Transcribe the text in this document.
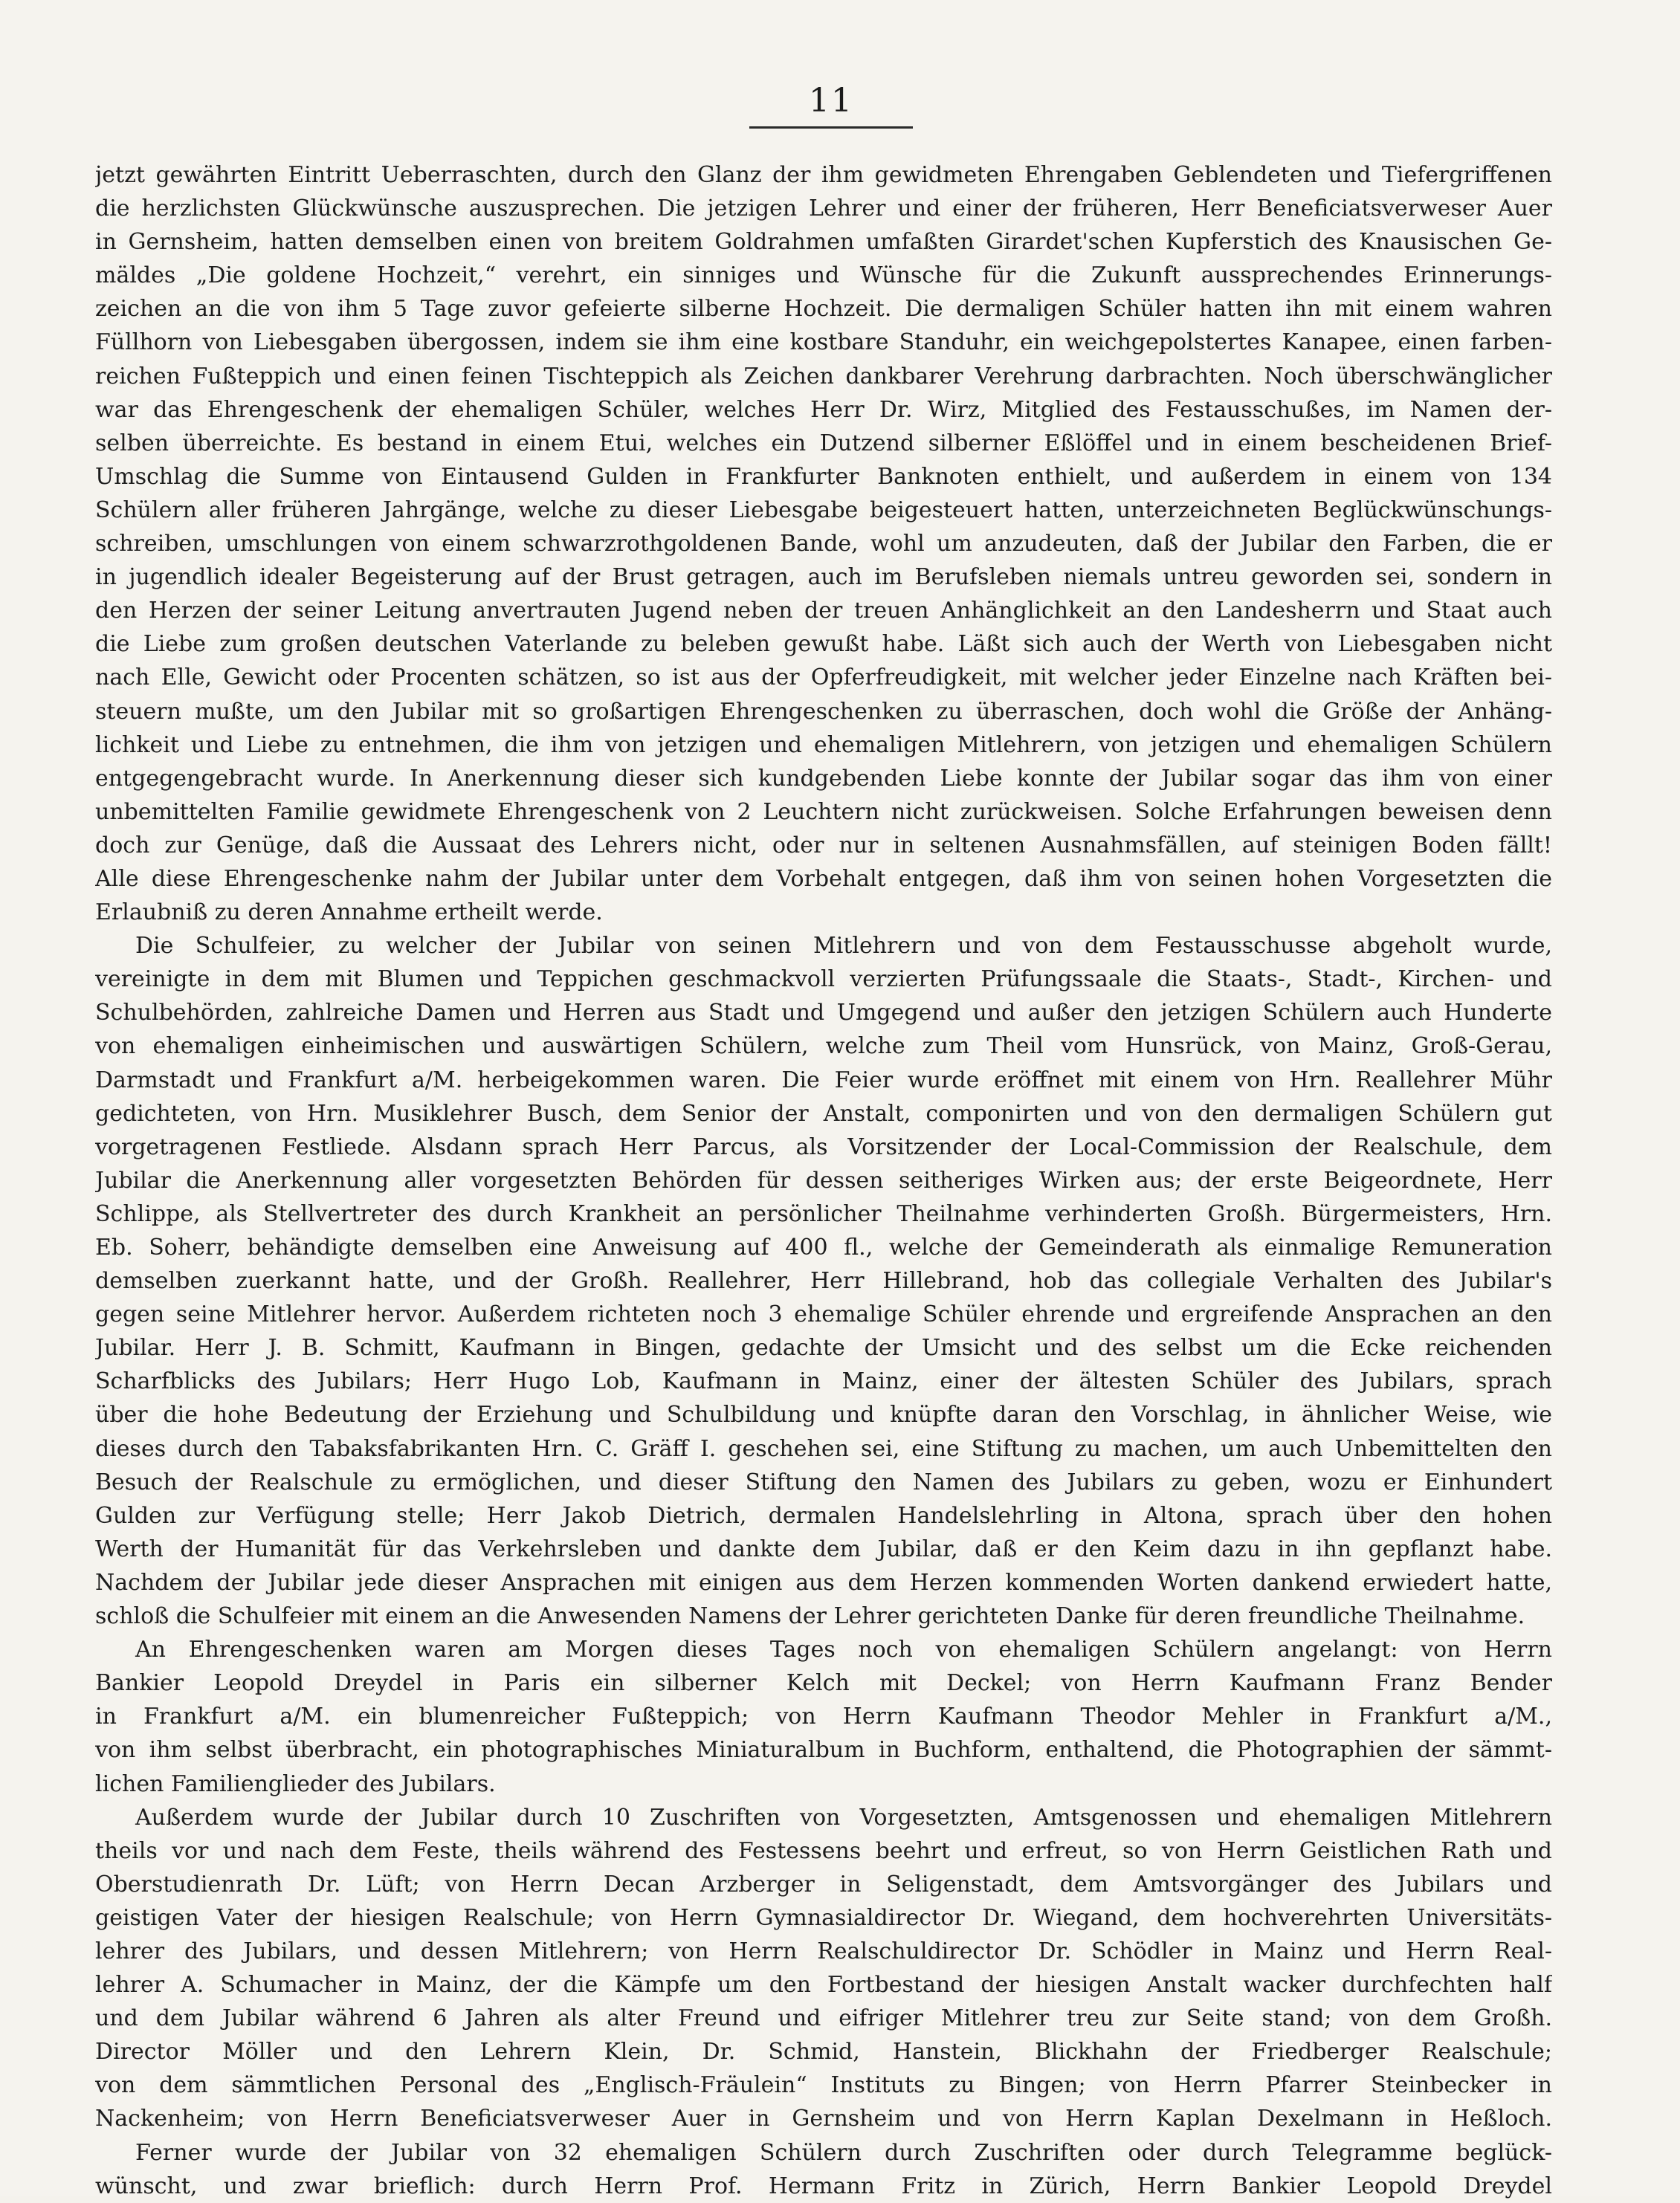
11
jetzt gewährten Eintritt Ueberraschten, durch den Glanz der ihm gewidmeten Ehrengaben Geblendeten und Tiefergriffenen
die herzlichsten Glückwünsche auszusprechen. Die jetzigen Lehrer und einer der früheren, Herr Beneficiatsverweser Auer
in Gernsheim, hatten demselben einen von breitem Goldrahmen umfaßten Girardet'schen Kupferstich des Knausischen Ge-
mäldes „Die goldene Hochzeit,“ verehrt, ein sinniges und Wünsche für die Zukunft aussprechendes Erinnerungs-
zeichen an die von ihm 5 Tage zuvor gefeierte silberne Hochzeit. Die dermaligen Schüler hatten ihn mit einem wahren
Füllhorn von Liebesgaben übergossen, indem sie ihm eine kostbare Standuhr, ein weichgepolstertes Kanapee, einen farben-
reichen Fußteppich und einen feinen Tischteppich als Zeichen dankbarer Verehrung darbrachten. Noch überschwänglicher
war das Ehrengeschenk der ehemaligen Schüler, welches Herr Dr. Wirz, Mitglied des Festausschußes, im Namen der-
selben überreichte. Es bestand in einem Etui, welches ein Dutzend silberner Eßlöffel und in einem bescheidenen Brief-
Umschlag die Summe von Eintausend Gulden in Frankfurter Banknoten enthielt, und außerdem in einem von 134
Schülern aller früheren Jahrgänge, welche zu dieser Liebesgabe beigesteuert hatten, unterzeichneten Beglückwünschungs-
schreiben, umschlungen von einem schwarzrothgoldenen Bande, wohl um anzudeuten, daß der Jubilar den Farben, die er
in jugendlich idealer Begeisterung auf der Brust getragen, auch im Berufsleben niemals untreu geworden sei, sondern in
den Herzen der seiner Leitung anvertrauten Jugend neben der treuen Anhänglichkeit an den Landesherrn und Staat auch
die Liebe zum großen deutschen Vaterlande zu beleben gewußt habe. Läßt sich auch der Werth von Liebesgaben nicht
nach Elle, Gewicht oder Procenten schätzen, so ist aus der Opferfreudigkeit, mit welcher jeder Einzelne nach Kräften bei-
steuern mußte, um den Jubilar mit so großartigen Ehrengeschenken zu überraschen, doch wohl die Größe der Anhäng-
lichkeit und Liebe zu entnehmen, die ihm von jetzigen und ehemaligen Mitlehrern, von jetzigen und ehemaligen Schülern
entgegengebracht wurde. In Anerkennung dieser sich kundgebenden Liebe konnte der Jubilar sogar das ihm von einer
unbemittelten Familie gewidmete Ehrengeschenk von 2 Leuchtern nicht zurückweisen. Solche Erfahrungen beweisen denn
doch zur Genüge, daß die Aussaat des Lehrers nicht, oder nur in seltenen Ausnahmsfällen, auf steinigen Boden fällt!
Alle diese Ehrengeschenke nahm der Jubilar unter dem Vorbehalt entgegen, daß ihm von seinen hohen Vorgesetzten die
Erlaubniß zu deren Annahme ertheilt werde.
Die Schulfeier, zu welcher der Jubilar von seinen Mitlehrern und von dem Festausschusse abgeholt wurde,
vereinigte in dem mit Blumen und Teppichen geschmackvoll verzierten Prüfungssaale die Staats-, Stadt-, Kirchen- und
Schulbehörden, zahlreiche Damen und Herren aus Stadt und Umgegend und außer den jetzigen Schülern auch Hunderte
von ehemaligen einheimischen und auswärtigen Schülern, welche zum Theil vom Hunsrück, von Mainz, Groß-Gerau,
Darmstadt und Frankfurt a/M. herbeigekommen waren. Die Feier wurde eröffnet mit einem von Hrn. Reallehrer Mühr
gedichteten, von Hrn. Musiklehrer Busch, dem Senior der Anstalt, componirten und von den dermaligen Schülern gut
vorgetragenen Festliede. Alsdann sprach Herr Parcus, als Vorsitzender der Local-Commission der Realschule, dem
Jubilar die Anerkennung aller vorgesetzten Behörden für dessen seitheriges Wirken aus; der erste Beigeordnete, Herr
Schlippe, als Stellvertreter des durch Krankheit an persönlicher Theilnahme verhinderten Großh. Bürgermeisters, Hrn.
Eb. Soherr, behändigte demselben eine Anweisung auf 400 fl., welche der Gemeinderath als einmalige Remuneration
demselben zuerkannt hatte, und der Großh. Reallehrer, Herr Hillebrand, hob das collegiale Verhalten des Jubilar's
gegen seine Mitlehrer hervor. Außerdem richteten noch 3 ehemalige Schüler ehrende und ergreifende Ansprachen an den
Jubilar. Herr J. B. Schmitt, Kaufmann in Bingen, gedachte der Umsicht und des selbst um die Ecke reichenden
Scharfblicks des Jubilars; Herr Hugo Lob, Kaufmann in Mainz, einer der ältesten Schüler des Jubilars, sprach
über die hohe Bedeutung der Erziehung und Schulbildung und knüpfte daran den Vorschlag, in ähnlicher Weise, wie
dieses durch den Tabaksfabrikanten Hrn. C. Gräff I. geschehen sei, eine Stiftung zu machen, um auch Unbemittelten den
Besuch der Realschule zu ermöglichen, und dieser Stiftung den Namen des Jubilars zu geben, wozu er Einhundert
Gulden zur Verfügung stelle; Herr Jakob Dietrich, dermalen Handelslehrling in Altona, sprach über den hohen
Werth der Humanität für das Verkehrsleben und dankte dem Jubilar, daß er den Keim dazu in ihn gepflanzt habe.
Nachdem der Jubilar jede dieser Ansprachen mit einigen aus dem Herzen kommenden Worten dankend erwiedert hatte,
schloß die Schulfeier mit einem an die Anwesenden Namens der Lehrer gerichteten Danke für deren freundliche Theilnahme.
An Ehrengeschenken waren am Morgen dieses Tages noch von ehemaligen Schülern angelangt: von Herrn
Bankier Leopold Dreydel in Paris ein silberner Kelch mit Deckel; von Herrn Kaufmann Franz Bender
in Frankfurt a/M. ein blumenreicher Fußteppich; von Herrn Kaufmann Theodor Mehler in Frankfurt a/M.,
von ihm selbst überbracht, ein photographisches Miniaturalbum in Buchform, enthaltend, die Photographien der sämmt-
lichen Familienglieder des Jubilars.
Außerdem wurde der Jubilar durch 10 Zuschriften von Vorgesetzten, Amtsgenossen und ehemaligen Mitlehrern
theils vor und nach dem Feste, theils während des Festessens beehrt und erfreut, so von Herrn Geistlichen Rath und
Oberstudienrath Dr. Lüft; von Herrn Decan Arzberger in Seligenstadt, dem Amtsvorgänger des Jubilars und
geistigen Vater der hiesigen Realschule; von Herrn Gymnasialdirector Dr. Wiegand, dem hochverehrten Universitäts-
lehrer des Jubilars, und dessen Mitlehrern; von Herrn Realschuldirector Dr. Schödler in Mainz und Herrn Real-
lehrer A. Schumacher in Mainz, der die Kämpfe um den Fortbestand der hiesigen Anstalt wacker durchfechten half
und dem Jubilar während 6 Jahren als alter Freund und eifriger Mitlehrer treu zur Seite stand; von dem Großh.
Director Möller und den Lehrern Klein, Dr. Schmid, Hanstein, Blickhahn der Friedberger Realschule;
von dem sämmtlichen Personal des „Englisch-Fräulein“ Instituts zu Bingen; von Herrn Pfarrer Steinbecker in
Nackenheim; von Herrn Beneficiatsverweser Auer in Gernsheim und von Herrn Kaplan Dexelmann in Heßloch.
Ferner wurde der Jubilar von 32 ehemaligen Schülern durch Zuschriften oder durch Telegramme beglück-
wünscht, und zwar brieflich: durch Herrn Prof. Hermann Fritz in Zürich, Herrn Bankier Leopold Dreydel
